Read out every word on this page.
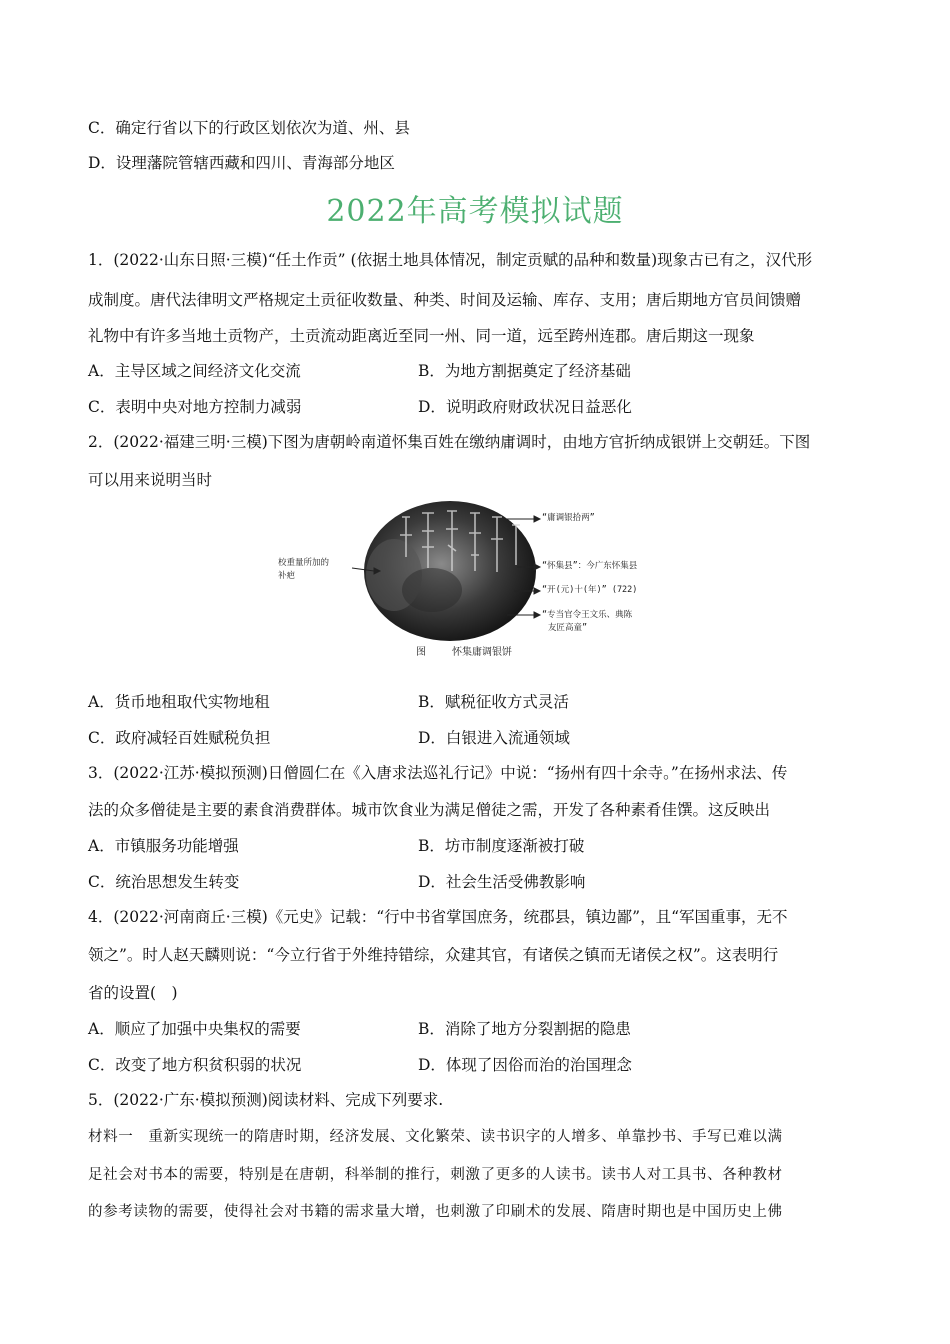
C．确定行省以下的行政区划依次为道、州、县
D．设理藩院管辖西藏和四川、青海部分地区
2022年高考模拟试题
1．(2022·山东日照·三模)“任土作贡” (依据土地具体情况，制定贡赋的品种和数量)现象古已有之，汉代形
成制度。唐代法律明文严格规定土贡征收数量、种类、时间及运输、库存、支用；唐后期地方官员间馈赠
礼物中有许多当地土贡物产，土贡流动距离近至同一州、同一道，远至跨州连郡。唐后期这一现象
A．主导区域之间经济文化交流	B．为地方割据奠定了经济基础
C．表明中央对地方控制力减弱	D．说明政府财政状况日益恶化
2．(2022·福建三明·三模)下图为唐朝岭南道怀集百姓在缴纳庸调时，由地方官折纳成银饼上交朝廷。下图
可以用来说明当时
校重量所加的
补疤
“庸调银拾两”
“怀集县”：今广东怀集县
“开(元)十(年)” (722)
“专当官令王文乐、典陈
友匠高童”
图	怀集庸调银饼
A．货币地租取代实物地租	B．赋税征收方式灵活
C．政府减轻百姓赋税负担	D．白银进入流通领域
3．(2022·江苏·模拟预测)日僧圆仁在《入唐求法巡礼行记》中说：“扬州有四十余寺。”在扬州求法、传
法的众多僧徒是主要的素食消费群体。城市饮食业为满足僧徒之需，开发了各种素肴佳馔。这反映出
A．市镇服务功能增强	B．坊市制度逐渐被打破
C．统治思想发生转变	D．社会生活受佛教影响
4．(2022·河南商丘·三模)《元史》记载：“行中书省掌国庶务，统郡县，镇边鄙”，且“军国重事，无不
领之”。时人赵天麟则说：“今立行省于外维持错综，众建其官，有诸侯之镇而无诸侯之权”。这表明行
省的设置(　)
A．顺应了加强中央集权的需要	B．消除了地方分裂割据的隐患
C．改变了地方积贫积弱的状况	D．体现了因俗而治的治国理念
5．(2022·广东·模拟预测)阅读材料、完成下列要求.
材料一　重新实现统一的隋唐时期，经济发展、文化繁荣、读书识字的人增多、单靠抄书、手写已难以满
足社会对书本的需要，特别是在唐朝，科举制的推行，刺激了更多的人读书。读书人对工具书、各种教材
的参考读物的需要，使得社会对书籍的需求量大增，也刺激了印刷术的发展、隋唐时期也是中国历史上佛
